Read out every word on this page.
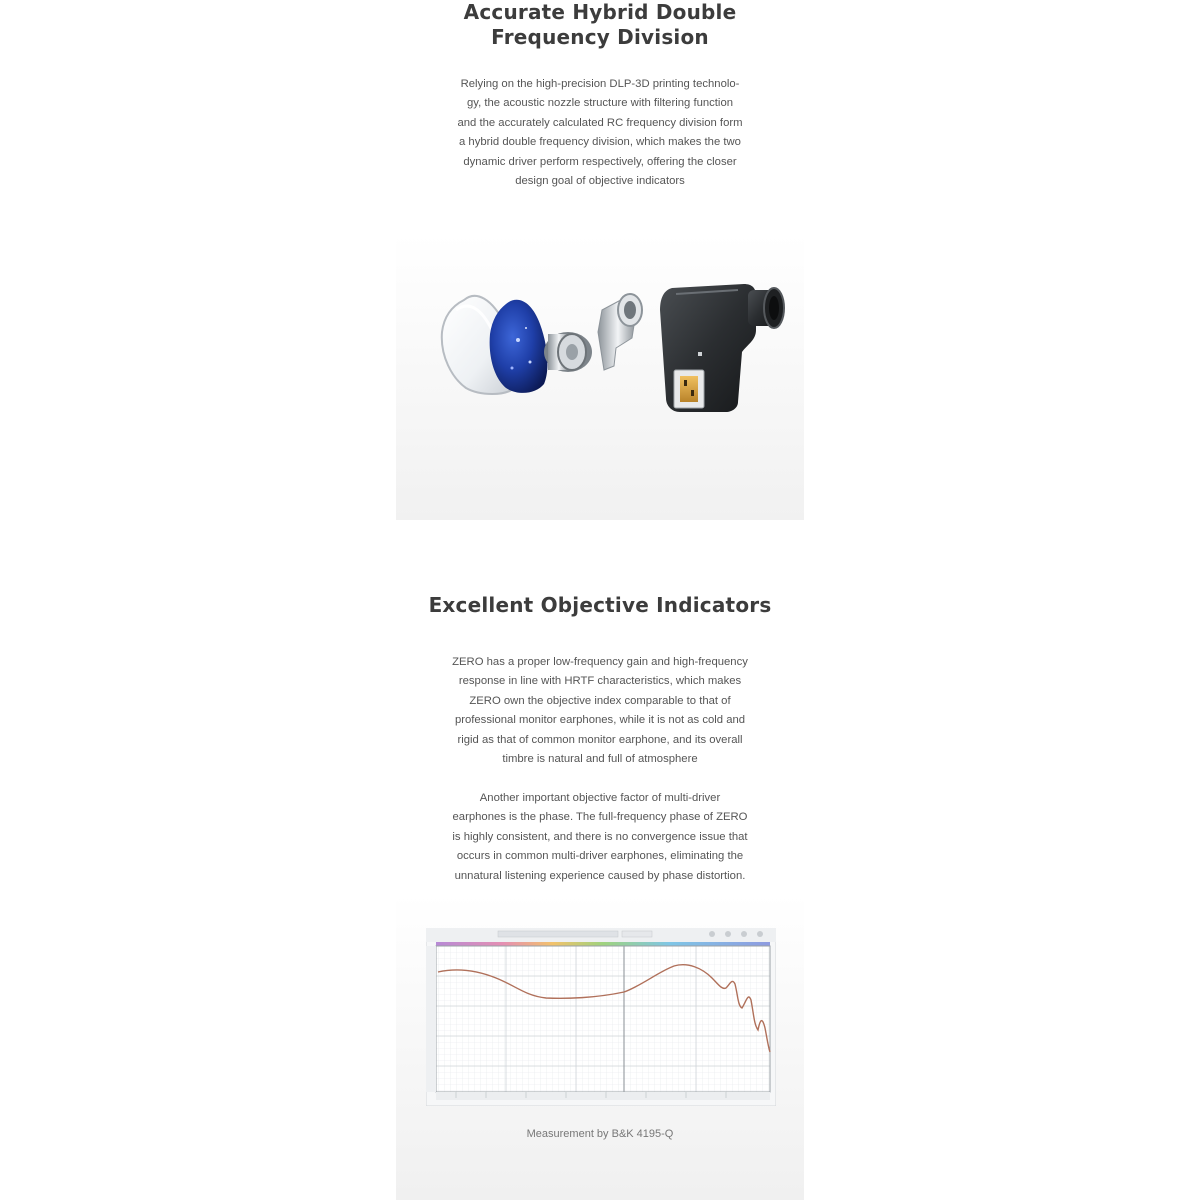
Accurate Hybrid Double
Frequency Division
Relying on the high-precision DLP-3D printing technolo-
gy, the acoustic nozzle structure with filtering function
and the accurately calculated RC frequency division form
a hybrid double frequency division, which makes the two
dynamic driver perform respectively, offering the closer
design goal of objective indicators
Excellent Objective Indicators
ZERO has a proper low-frequency gain and high-frequency
response in line with HRTF characteristics, which makes
ZERO own the objective index comparable to that of
professional monitor earphones, while it is not as cold and
rigid as that of common monitor earphone, and its overall
timbre is natural and full of atmosphere
Another important objective factor of multi-driver
earphones is the phase. The full-frequency phase of ZERO
is highly consistent, and there is no convergence issue that
occurs in common multi-driver earphones, eliminating the
unnatural listening experience caused by phase distortion.
Measurement by B&K 4195-Q
